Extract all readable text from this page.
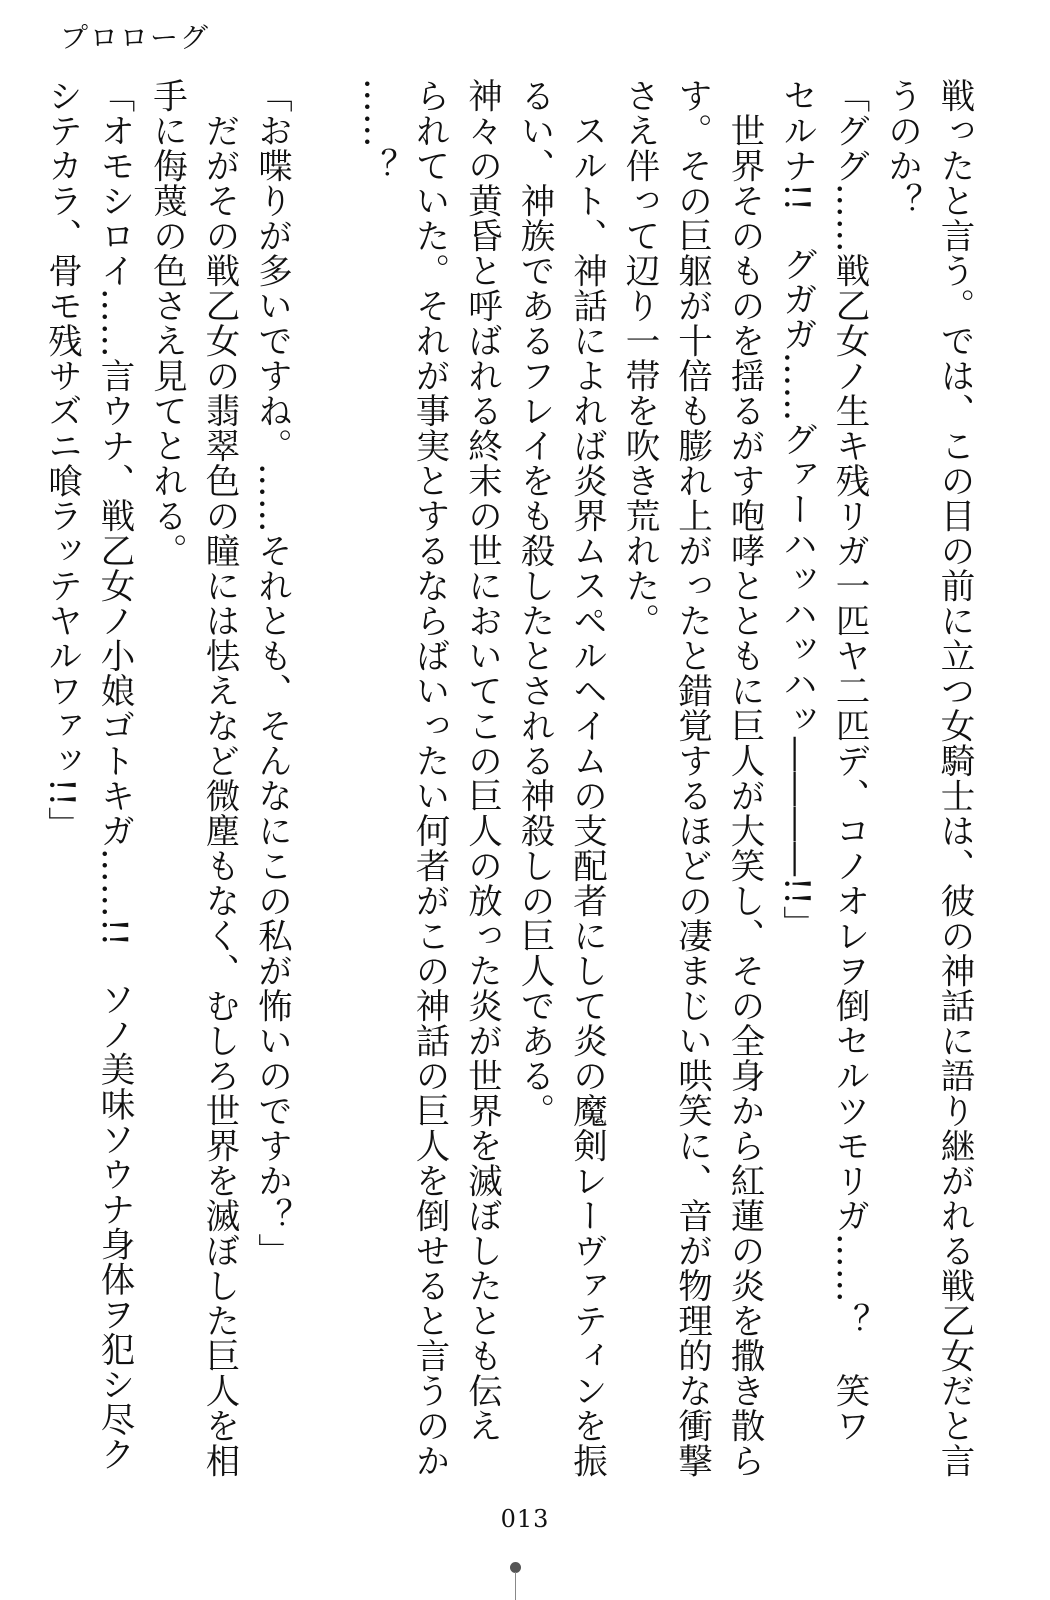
プロローグ

戦ったと言う。では、この目の前に立つ女騎士は、彼の神話に語り継がれる戦乙女だと言

うのか？

「ググ……戦乙女ノ生キ残リガ一匹ヤ二匹デ、コノオレヲ倒セルツモリガ……？　笑ワ

セルナ!!　グガガ……グァーハッハッハッ――――!!」

世界そのものを揺るがす咆哮とともに巨人が大笑し、その全身から紅蓮の炎を撒き散ら

す。その巨躯が十倍も膨れ上がったと錯覚するほどの凄まじい哄笑に、音が物理的な衝撃

さえ伴って辺り一帯を吹き荒れた。

スルト、神話によれば炎界ムスペルヘイムの支配者にして炎の魔剣レーヴァティンを振

るい、神族であるフレイをも殺したとされる神殺しの巨人である。

神々の黄昏と呼ばれる終末の世においてこの巨人の放った炎が世界を滅ぼしたとも伝え

られていた。それが事実とするならばいったい何者がこの神話の巨人を倒せると言うのか

……？

「お喋りが多いですね。……それとも、そんなにこの私が怖いのですか？」

だがその戦乙女の翡翠色の瞳には怯えなど微塵もなく、むしろ世界を滅ぼした巨人を相

手に侮蔑の色さえ見てとれる。

「オモシロイ……言ウナ、戦乙女ノ小娘ゴトキガ……!!　ソノ美味ソウナ身体ヲ犯シ尽ク

シテカラ、骨モ残サズニ喰ラッテヤルワァッ!!」

013
